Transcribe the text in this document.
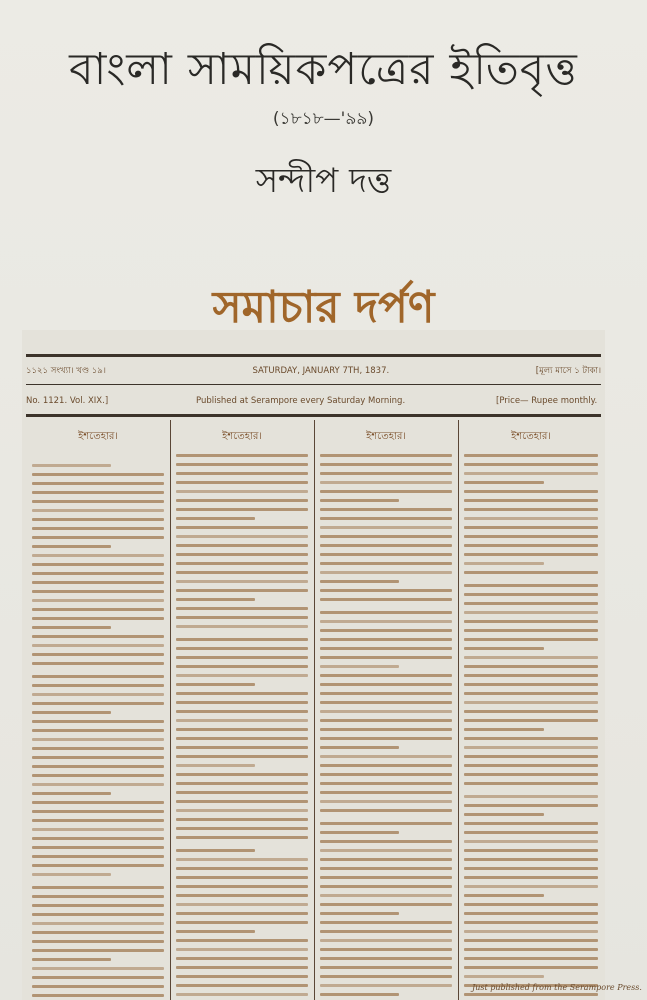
বাংলা সাময়িকপত্রের ইতিবৃত্ত
(১৮১৮—'৯৯)
সন্দীপ দত্ত
সমাচার দর্পণ
১১২১ সংখ্যা। খণ্ড ১৯।	SATURDAY, JANUARY 7TH, 1837.	[মূল্য মাসে ১ টাকা।
No. 1121. Vol. XIX.]	Published at Serampore every Saturday Morning.	[Price— Rupee monthly.
ইশতেহার।	ইশতেহার।	ইশতেহার।	ইশতেহার।
Just published from the Serampore Press.
